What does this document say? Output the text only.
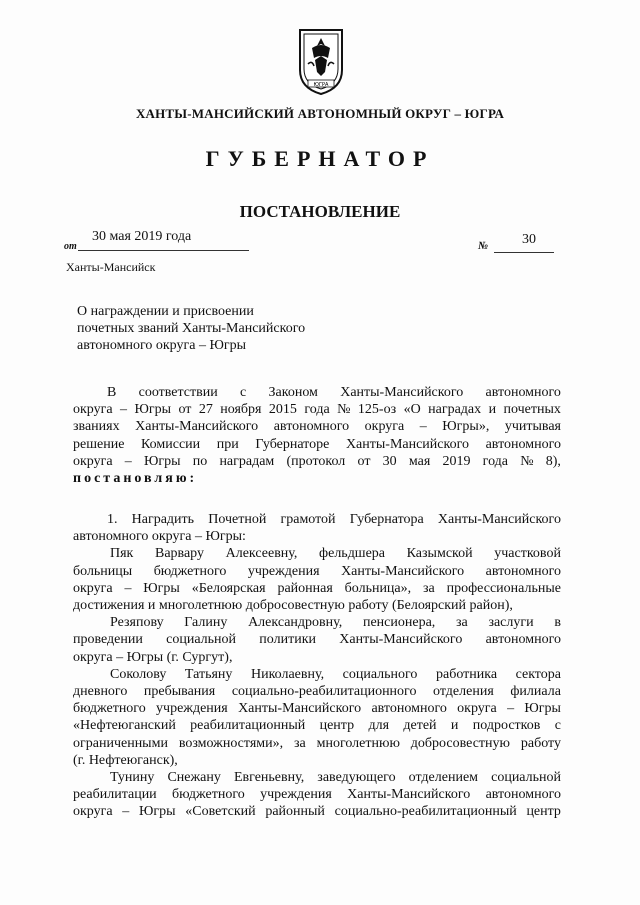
ЮГРА
ХАНТЫ-МАНСИЙСКИЙ АВТОНОМНЫЙ ОКРУГ – ЮГРА
ГУБЕРНАТОР
ПОСТАНОВЛЕНИЕ
от
30 мая 2019 года
№ 30
Ханты-Мансийск
О награждении и присвоении
почетных званий Ханты-Мансийского
автономного округа – Югры
В соответствии с Законом Ханты-Мансийского автономного
округа – Югры от 27 ноября 2015 года № 125-оз «О наградах и почетных
званиях Ханты-Мансийского автономного округа – Югры», учитывая
решение Комиссии при Губернаторе Ханты-Мансийского автономного
округа – Югры по наградам (протокол от 30 мая 2019 года № 8),
постановляю:
1. Наградить Почетной грамотой Губернатора Ханты-Мансийского
автономного округа – Югры:
Пяк Варвару Алексеевну, фельдшера Казымской участковой
больницы бюджетного учреждения Ханты-Мансийского автономного
округа – Югры «Белоярская районная больница», за профессиональные
достижения и многолетнюю добросовестную работу (Белоярский район),
Резяпову Галину Александровну, пенсионера, за заслуги в
проведении социальной политики Ханты-Мансийского автономного
округа – Югры (г. Сургут),
Соколову Татьяну Николаевну, социального работника сектора
дневного пребывания социально-реабилитационного отделения филиала
бюджетного учреждения Ханты-Мансийского автономного округа – Югры
«Нефтеюганский реабилитационный центр для детей и подростков с
ограниченными возможностями», за многолетнюю добросовестную работу
(г. Нефтеюганск),
Тунину Снежану Евгеньевну, заведующего отделением социальной
реабилитации бюджетного учреждения Ханты-Мансийского автономного
округа – Югры «Советский районный социально-реабилитационный центр
